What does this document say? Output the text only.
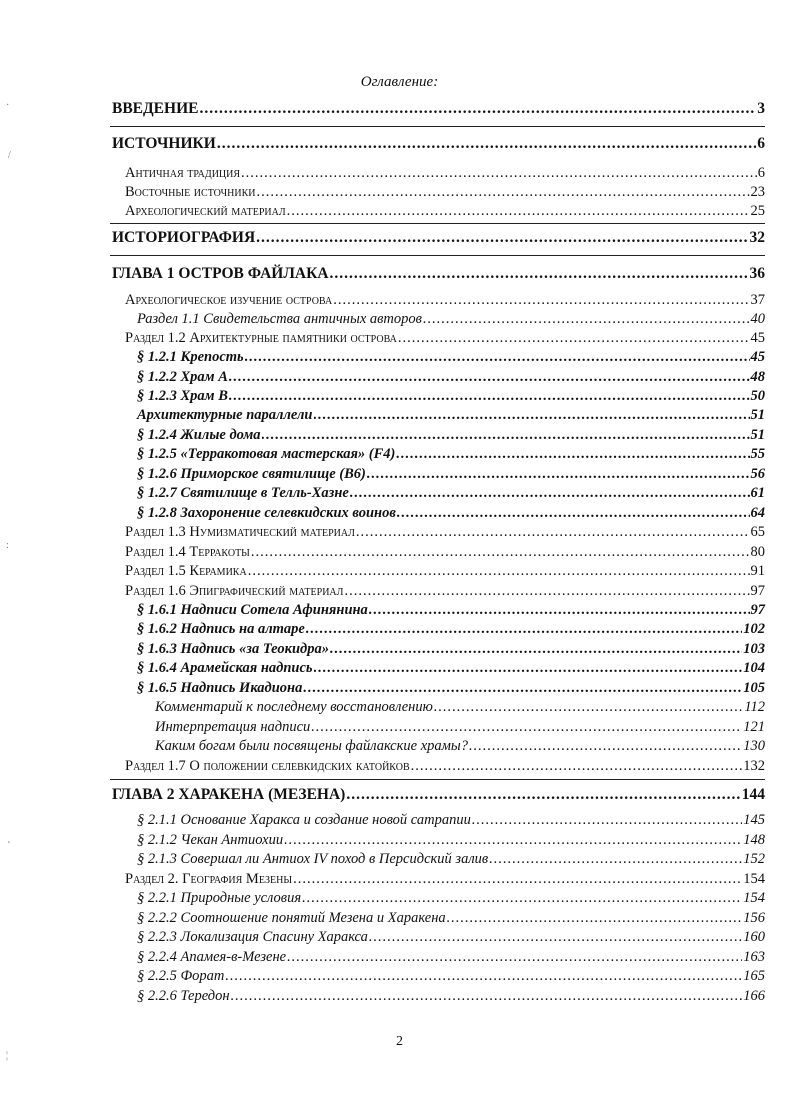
Оглавление:
ВВЕДЕНИЕ .....	3
ИСТОЧНИКИ .....	6
Античная традиция .....	6
Восточные источники .....	23
Археологический материал .....	25
ИСТОРИОГРАФИЯ .....	32
ГЛАВА 1 ОСТРОВ ФАЙЛАКА .....	36
Археологическое изучение острова .....	37
Раздел 1.1 Свидетельства античных авторов .....	40
Раздел 1.2 Архитектурные памятники острова .....	45
§ 1.2.1 Крепость .....	45
§ 1.2.2 Храм А .....	48
§ 1.2.3 Храм В .....	50
Архитектурные параллели .....	51
§ 1.2.4 Жилые дома .....	51
§ 1.2.5 «Терракотовая мастерская» (F4) .....	55
§ 1.2.6 Приморское святилище (B6) .....	56
§ 1.2.7 Святилище в Телль-Хазне .....	61
§ 1.2.8 Захоронение селевкидских воинов .....	64
Раздел 1.3 Нумизматический материал .....	65
Раздел 1.4 Терракоты .....	80
Раздел 1.5 Керамика .....	91
Раздел 1.6 Эпиграфический материал .....	97
§ 1.6.1 Надписи Сотела Афинянина .....	97
§ 1.6.2 Надпись на алтаре .....	102
§ 1.6.3 Надпись «за Теокидра» .....	103
§ 1.6.4 Арамейская надпись .....	104
§ 1.6.5 Надпись Икадиона .....	105
Комментарий к последнему восстановлению .....	112
Интерпретация надписи .....	121
Каким богам были посвящены файлакские храмы? .....	130
Раздел 1.7 О положении селевкидских катойков .....	132
ГЛАВА 2 ХАРАКЕНА (МЕЗЕНА) .....	144
§ 2.1.1 Основание Харакса и создание новой сатрапии .....	145
§ 2.1.2 Чекан Антиохии .....	148
§ 2.1.3 Совершал ли Антиох IV поход в Персидский залив .....	152
Раздел 2. География Мезены .....	154
§ 2.2.1 Природные условия .....	154
§ 2.2.2 Соотношение понятий Мезена и Харакена .....	156
§ 2.2.3 Локализация Спасину Харакса .....	160
§ 2.2.4 Апамея-в-Мезене .....	163
§ 2.2.5 Форат .....	165
§ 2.2.6 Тередон .....	166
2
·
/
:
'
¦
